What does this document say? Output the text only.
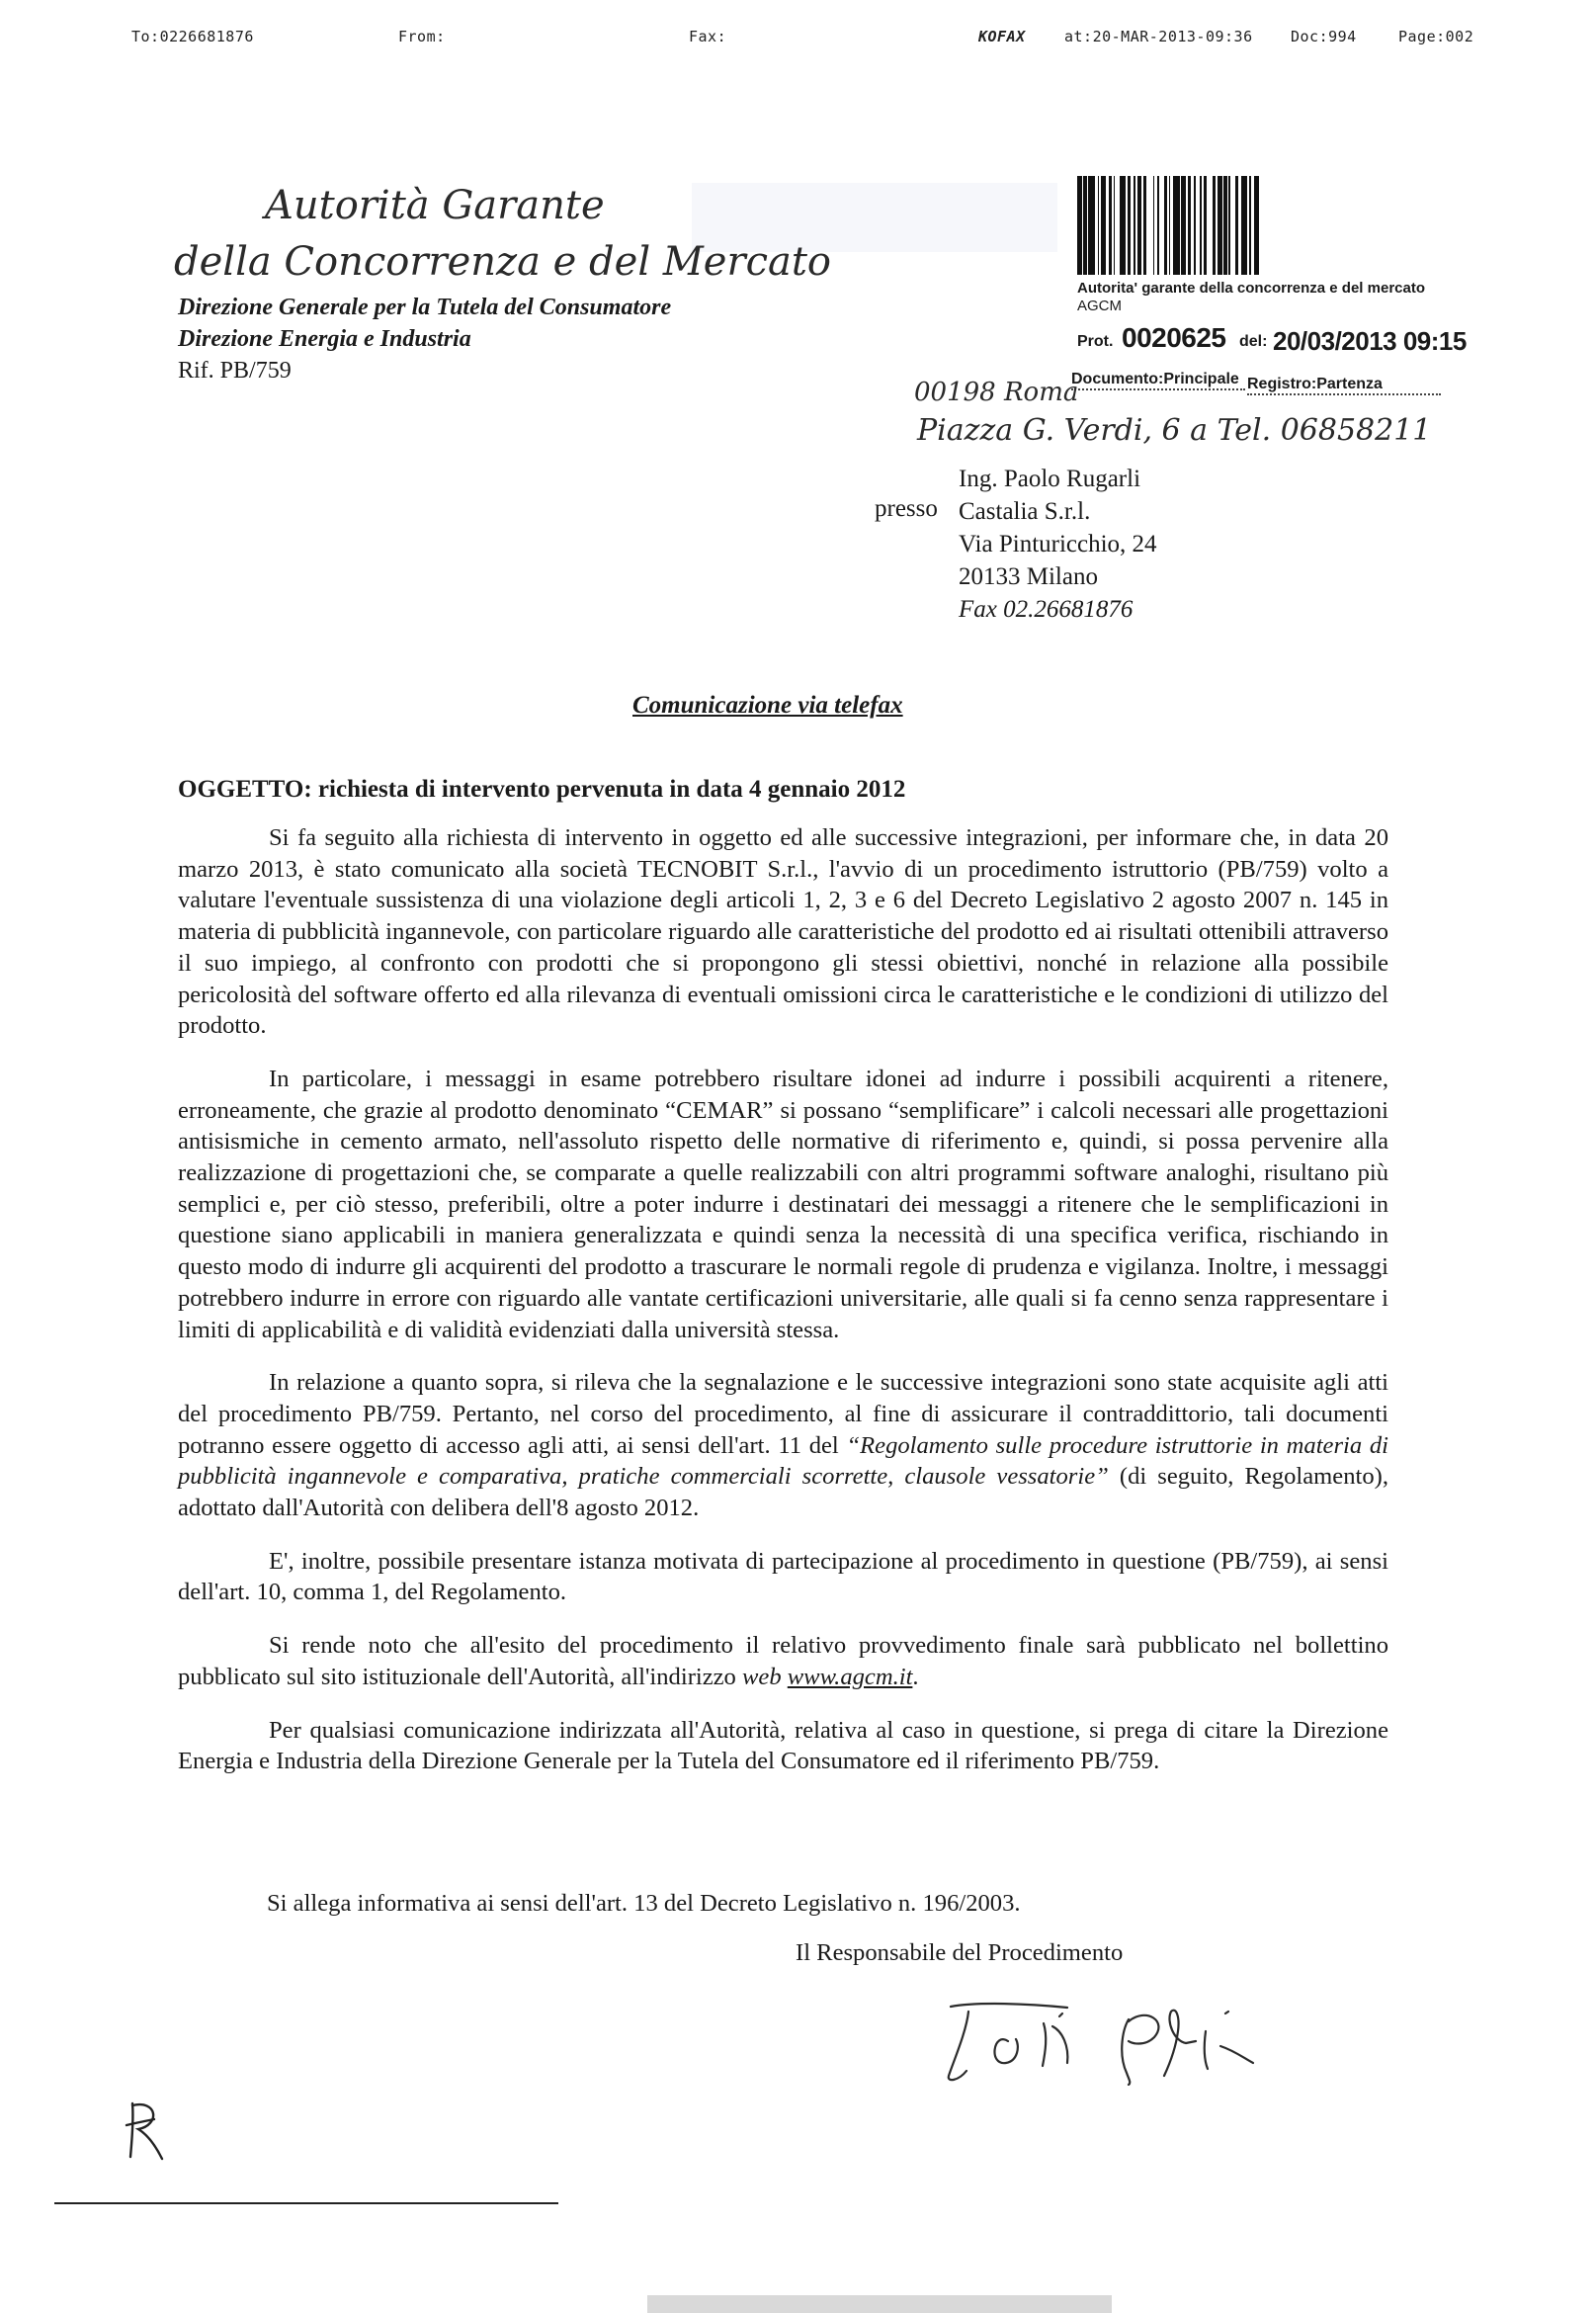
To:0226681876	From:	Fax:	KOFAX	at:20-MAR-2013-09:36	Doc:994	Page:002
Autorità Garante
della Concorrenza e del Mercato
Direzione Generale per la Tutela del Consumatore
Direzione Energia e Industria
Rif. PB/759
Autorita' garante della concorrenza e del mercato
AGCM
Prot. 0020625 del: 20/03/2013 09:15
Documento:Principale Registro:Partenza
00198 Roma
Piazza G. Verdi, 6 a Tel. 06858211
presso
Ing. Paolo Rugarli
Castalia S.r.l.
Via Pinturicchio, 24
20133 Milano
Fax 02.26681876
Comunicazione via telefax
OGGETTO: richiesta di intervento pervenuta in data 4 gennaio 2012

Si fa seguito alla richiesta di intervento in oggetto ed alle successive integrazioni, per informare che, in data 20 marzo 2013, è stato comunicato alla società TECNOBIT S.r.l., l'avvio di un procedimento istruttorio (PB/759) volto a valutare l'eventuale sussistenza di una violazione degli articoli 1, 2, 3 e 6 del Decreto Legislativo 2 agosto 2007 n. 145 in materia di pubblicità ingannevole, con particolare riguardo alle caratteristiche del prodotto ed ai risultati ottenibili attraverso il suo impiego, al confronto con prodotti che si propongono gli stessi obiettivi, nonché in relazione alla possibile pericolosità del software offerto ed alla rilevanza di eventuali omissioni circa le caratteristiche e le condizioni di utilizzo del prodotto.

In particolare, i messaggi in esame potrebbero risultare idonei ad indurre i possibili acquirenti a ritenere, erroneamente, che grazie al prodotto denominato “CEMAR” si possano “semplificare” i calcoli necessari alle progettazioni antisismiche in cemento armato, nell'assoluto rispetto delle normative di riferimento e, quindi, si possa pervenire alla realizzazione di progettazioni che, se comparate a quelle realizzabili con altri programmi software analoghi, risultano più semplici e, per ciò stesso, preferibili, oltre a poter indurre i destinatari dei messaggi a ritenere che le semplificazioni in questione siano applicabili in maniera generalizzata e quindi senza la necessità di una specifica verifica, rischiando in questo modo di indurre gli acquirenti del prodotto a trascurare le normali regole di prudenza e vigilanza. Inoltre, i messaggi potrebbero indurre in errore con riguardo alle vantate certificazioni universitarie, alle quali si fa cenno senza rappresentare i limiti di applicabilità e di validità evidenziati dalla università stessa.

In relazione a quanto sopra, si rileva che la segnalazione e le successive integrazioni sono state acquisite agli atti del procedimento PB/759. Pertanto, nel corso del procedimento, al fine di assicurare il contraddittorio, tali documenti potranno essere oggetto di accesso agli atti, ai sensi dell'art. 11 del “Regolamento sulle procedure istruttorie in materia di pubblicità ingannevole e comparativa, pratiche commerciali scorrette, clausole vessatorie” (di seguito, Regolamento), adottato dall'Autorità con delibera dell'8 agosto 2012.

E', inoltre, possibile presentare istanza motivata di partecipazione al procedimento in questione (PB/759), ai sensi dell'art. 10, comma 1, del Regolamento.

Si rende noto che all'esito del procedimento il relativo provvedimento finale sarà pubblicato nel bollettino pubblicato sul sito istituzionale dell'Autorità, all'indirizzo web www.agcm.it.

Per qualsiasi comunicazione indirizzata all'Autorità, relativa al caso in questione, si prega di citare la Direzione Energia e Industria della Direzione Generale per la Tutela del Consumatore ed il riferimento PB/759.

Si allega informativa ai sensi dell'art. 13 del Decreto Legislativo n. 196/2003.
Il Responsabile del Procedimento
